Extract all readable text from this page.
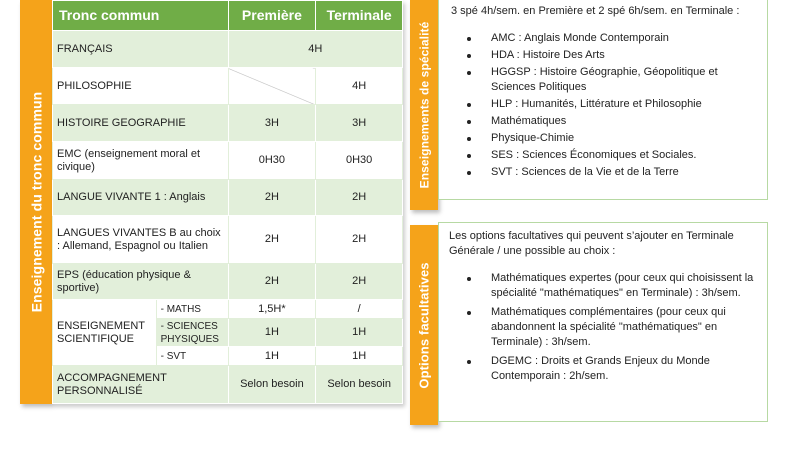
Enseignement du tronc commun
Tronc commun		Première	Terminale
FRANÇAIS		4H	
PHILOSOPHIE			4H
HISTOIRE GEOGRAPHIE		3H	3H
EMC (enseignement moral et civique)		0H30	0H30
LANGUE VIVANTE 1 : Anglais		2H	2H
LANGUES VIVANTES B au choix : Allemand, Espagnol ou Italien		2H	2H
EPS (éducation physique & sportive)		2H	2H
ENSEIGNEMENT SCIENTIFIQUE	- MATHS	1,5H*	/
	- SCIENCES PHYSIQUES	1H	1H
	- SVT	1H	1H
ACCOMPAGNEMENT PERSONNALISÉ		Selon besoin	Selon besoin
Enseignements de spécialité

3 spé 4h/sem. en Première et 2 spé 6h/sem. en Terminale :

AMC : Anglais Monde Contemporain
HDA : Histoire Des Arts
HGGSP : Histoire Géographie, Géopolitique et Sciences Politiques
HLP : Humanités, Littérature et Philosophie
Mathématiques
Physique-Chimie
SES : Sciences Économiques et Sociales.
SVT : Sciences de la Vie et de la Terre
Options facultatives

Les options facultatives qui peuvent s’ajouter en Terminale Générale / une possible au choix :

Mathématiques expertes (pour ceux qui choisissent la spécialité "mathématiques" en Terminale) : 3h/sem.
Mathématiques complémentaires (pour ceux qui abandonnent la spécialité "mathématiques" en Terminale) : 3h/sem.
DGEMC : Droits et Grands Enjeux du Monde Contemporain : 2h/sem.
